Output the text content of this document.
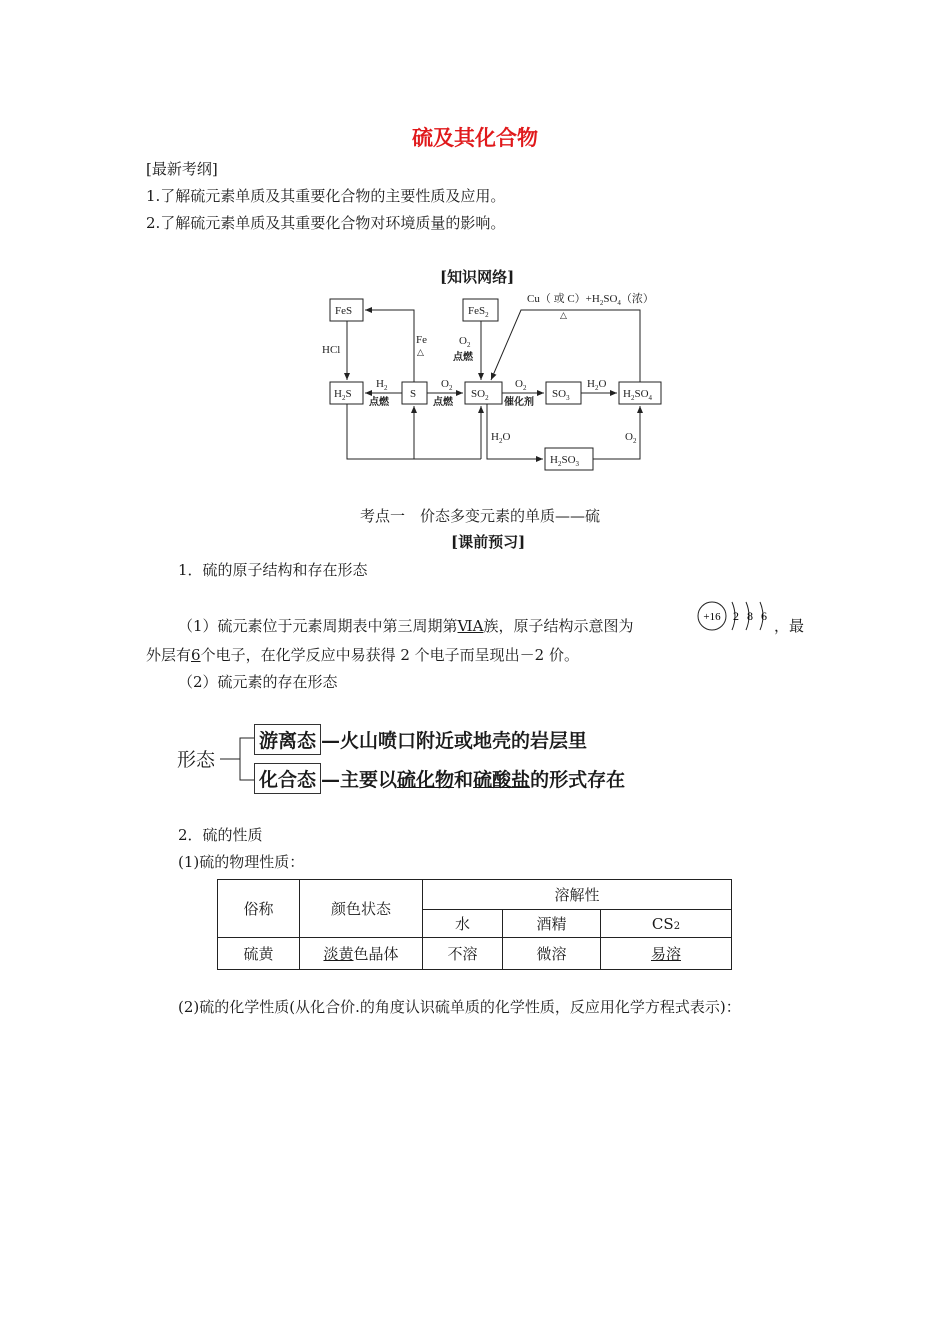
硫及其化合物
[最新考纲]
1.了解硫元素单质及其重要化合物的主要性质及应用。
2.了解硫元素单质及其重要化合物对环境质量的影响。
[知识网络]
FeS	FeS$_2$
$H_2S$	S	$SO_2$	$SO_3$	$H_2SO_4$
$H_2SO_3$
HCl
Fe
△
$O_2$
点燃
$H_2$
点燃
$O_2$
点燃
$O_2$
催化剂
$H_2O$
$H_2O$	$O_2$
Cu（ 或 $C)+H_2SO_4$（浓）
△
考点一　价态多变元素的单质——硫
[课前预习]
1．硫的原子结构和存在形态
（1）硫元素位于元素周期表中第三周期第ⅥA族，原子结构示意图为	+16 2 8 6
，最
外层有6个电子，在化学反应中易获得 2 个电子而呈现出－2 价。
（2）硫元素的存在形态
形态
游离态 —火山喷口附近或地壳的岩层里
化合态 —主要以硫化物和硫酸盐的形式存在
2．硫的性质
(1)硫的物理性质：
俗称	颜色状态	溶解性		
		水	酒精	CS2
硫黄	淡黄色晶体	不溶	微溶	易溶
(2)硫的化学性质(从化合价.的角度认识硫单质的化学性质，反应用化学方程式表示)：
